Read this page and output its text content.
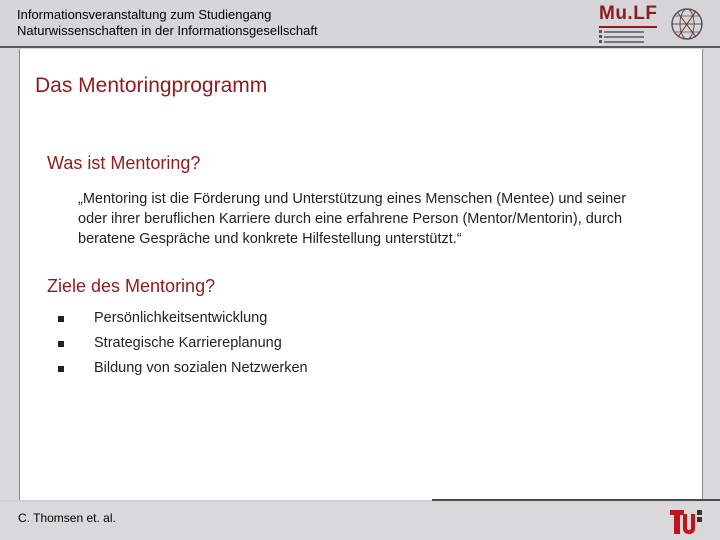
Informationsveranstaltung zum Studiengang
Naturwissenschaften in der Informationsgesellschaft
Mu.LF
Das Mentoringprogramm
Was ist Mentoring?
„Mentoring ist die Förderung und Unterstützung eines Menschen (Mentee) und seiner oder ihrer beruflichen Karriere durch eine erfahrene Person (Mentor/Mentorin), durch beratene Gespräche und konkrete Hilfestellung unterstützt.“
Ziele des Mentoring?
Persönlichkeitsentwicklung
Strategische Karriereplanung
Bildung von sozialen Netzwerken
C. Thomsen et. al.
